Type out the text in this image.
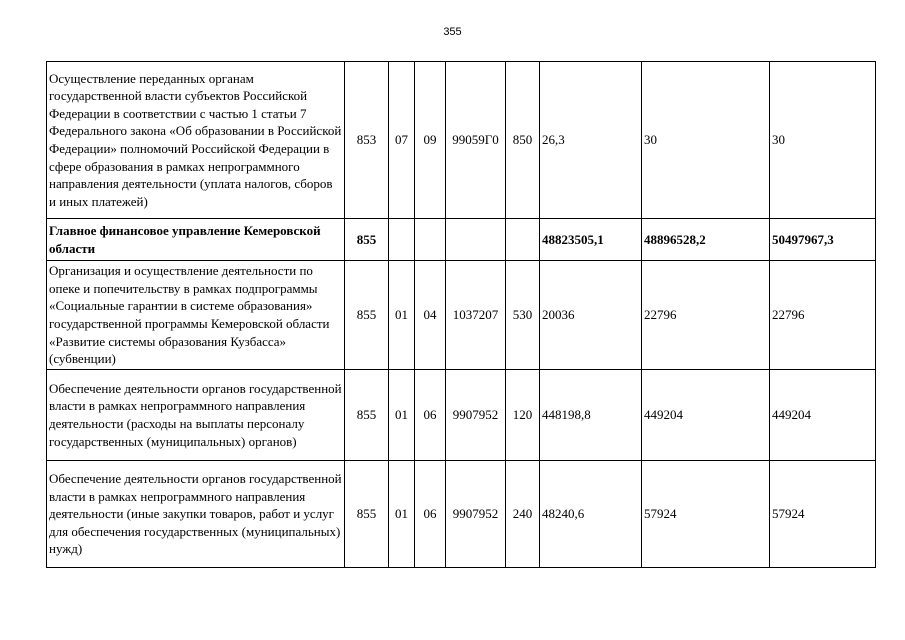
355
Осуществление переданных органам государственной власти субъектов Российской Федерации в соответствии с частью 1 статьи 7 Федерального закона «Об образовании в Российской Федерации» полномочий Российской Федерации в сфере образования в рамках непрограммного направления деятельности (уплата налогов, сборов и иных платежей)	853	07	09	99059Г0	850	26,3	30	30
Главное финансовое управление Кемеровской области	855					48823505,1	48896528,2	50497967,3
Организация и осуществление деятельности по опеке и попечительству в рамках подпрограммы «Социальные гарантии в системе образования» государственной программы Кемеровской области «Развитие системы образования Кузбасса» (субвенции)	855	01	04	1037207	530	20036	22796	22796
Обеспечение деятельности органов государственной власти в рамках непрограммного направления деятельности (расходы на выплаты персоналу государственных (муниципальных) органов)	855	01	06	9907952	120	448198,8	449204	449204
Обеспечение деятельности органов государственной власти в рамках непрограммного направления деятельности (иные закупки товаров, работ и услуг для обеспечения государственных (муниципальных) нужд)	855	01	06	9907952	240	48240,6	57924	57924
